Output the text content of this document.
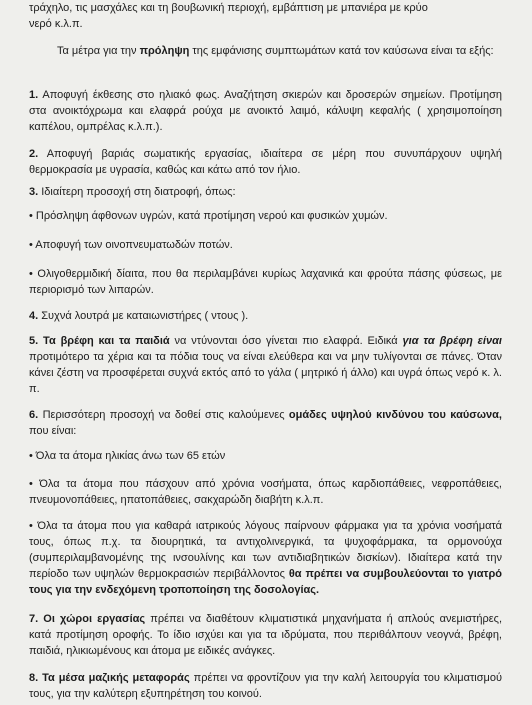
τράχηλο, τις μασχάλες και τη βουβωνική περιοχή, εμβάπτιση με μπανιέρα με κρύο
νερό κ.λ.π.

Τα μέτρα για την πρόληψη της εμφάνισης συμπτωμάτων κατά τον καύσωνα είναι τα εξής:

1. Αποφυγή έκθεσης στο ηλιακό φως. Αναζήτηση σκιερών και δροσερών σημείων. Προτίμηση στα ανοικτόχρωμα και ελαφρά ρούχα με ανοικτό λαιμό, κάλυψη κεφαλής ( χρησιμοποίηση καπέλου, ομπρέλας κ.λ.π.).

2. Αποφυγή βαριάς σωματικής εργασίας, ιδιαίτερα σε μέρη που συνυπάρχουν υψηλή θερμοκρασία με υγρασία, καθώς και κάτω από τον ήλιο.

3. Ιδιαίτερη προσοχή στη διατροφή, όπως:

• Πρόσληψη άφθονων υγρών, κατά προτίμηση νερού και φυσικών χυμών.

• Αποφυγή των οινοπνευματωδών ποτών.

• Ολιγοθερμιδική δίαιτα, που θα περιλαμβάνει κυρίως λαχανικά και φρούτα πάσης φύσεως, με περιορισμό των λιπαρών.

4. Συχνά λουτρά με καταιωνιστήρες ( ντους ).

5. Τα βρέφη και τα παιδιά να ντύνονται όσο γίνεται πιο ελαφρά. Ειδικά για τα βρέφη είναι προτιμότερο τα χέρια και τα πόδια τους να είναι ελεύθερα και να μην τυλίγονται σε πάνες. Όταν κάνει ζέστη να προσφέρεται συχνά εκτός από το γάλα ( μητρικό ή άλλο) και υγρά όπως νερό κ. λ. π.

6. Περισσότερη προσοχή να δοθεί στις καλούμενες ομάδες υψηλού κινδύνου του καύσωνα, που είναι:

• Όλα τα άτομα ηλικίας άνω των 65 ετών

• Όλα τα άτομα που πάσχουν από χρόνια νοσήματα, όπως καρδιοπάθειες, νεφροπάθειες, πνευμονοπάθειες, ηπατοπάθειες, σακχαρώδη διαβήτη κ.λ.π.

• Όλα τα άτομα που για καθαρά ιατρικούς λόγους παίρνουν φάρμακα για τα χρόνια νοσήματά τους, όπως π.χ. τα διουρητικά, τα αντιχολινεργικά, τα ψυχοφάρμακα, τα ορμονούχα (συμπεριλαμβανομένης της ινσουλίνης και των αντιδιαβητικών δισκίων). Ιδιαίτερα κατά την περίοδο των υψηλών θερμοκρασιών περιβάλλοντος θα πρέπει να συμβουλεύονται το γιατρό τους για την ενδεχόμενη τροποποίηση της δοσολογίας.

7. Οι χώροι εργασίας πρέπει να διαθέτουν κλιματιστικά μηχανήματα ή απλούς ανεμιστήρες, κατά προτίμηση οροφής. Το ίδιο ισχύει και για τα ιδρύματα, που περιθάλπουν νεογνά, βρέφη, παιδιά, ηλικιωμένους και άτομα με ειδικές ανάγκες.

8. Τα μέσα μαζικής μεταφοράς πρέπει να φροντίζουν για την καλή λειτουργία του κλιματισμού τους, για την καλύτερη εξυπηρέτηση του κοινού.
